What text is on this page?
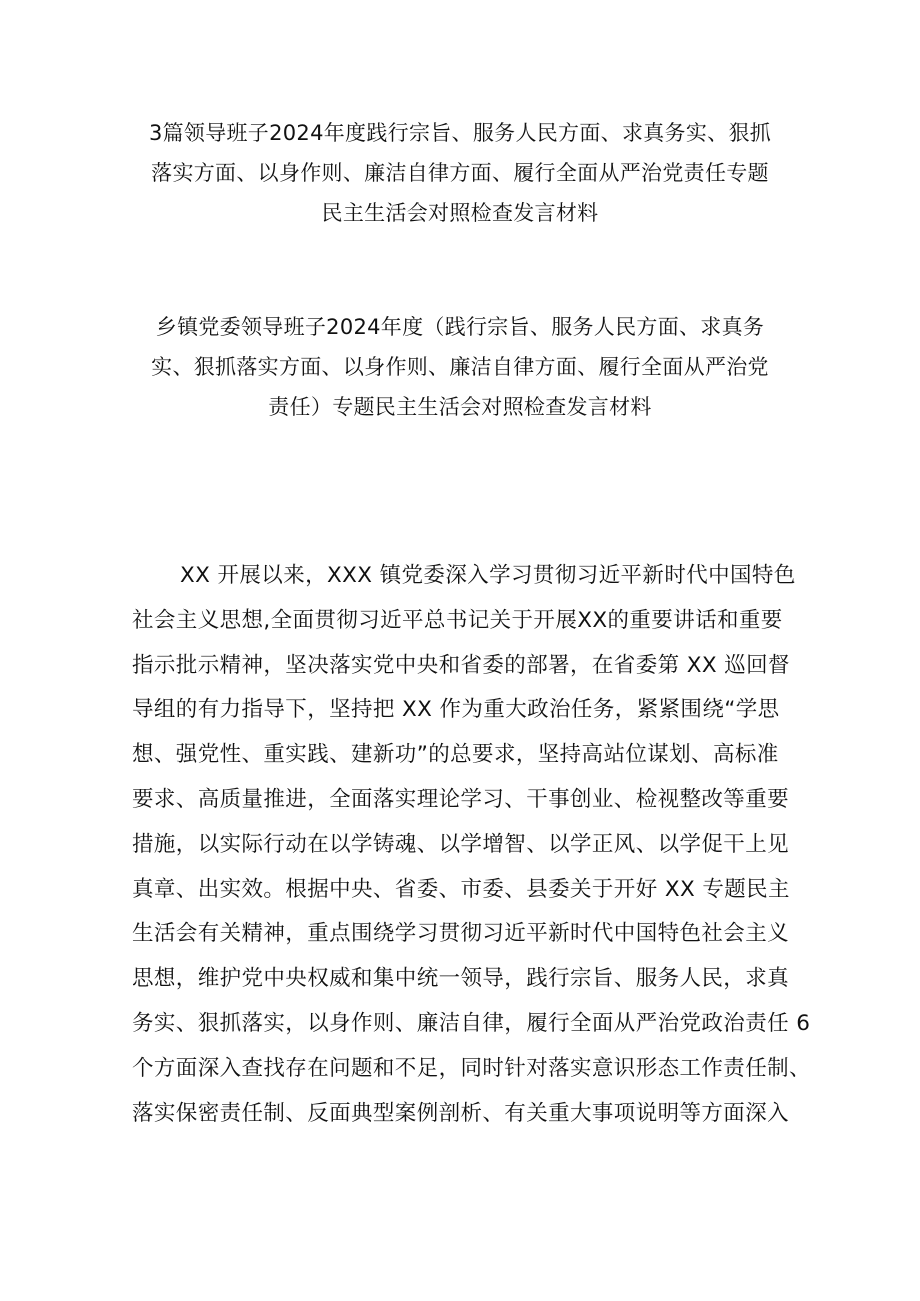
3篇领导班子2024年度践行宗旨、服务人民方面、求真务实、狠抓
落实方面、以身作则、廉洁自律方面、履行全面从严治党责任专题
民主生活会对照检查发言材料
乡镇党委领导班子2024年度（践行宗旨、服务人民方面、求真务
实、狠抓落实方面、以身作则、廉洁自律方面、履行全面从严治党
责任）专题民主生活会对照检查发言材料
XX 开展以来，XXX 镇党委深入学习贯彻习近平新时代中国特色
社会主义思想,全面贯彻习近平总书记关于开展XX的重要讲话和重要
指示批示精神，坚决落实党中央和省委的部署，在省委第 XX 巡回督
导组的有力指导下，坚持把 XX 作为重大政治任务，紧紧围绕“学思
想、强党性、重实践、建新功”的总要求，坚持高站位谋划、高标准
要求、高质量推进，全面落实理论学习、干事创业、检视整改等重要
措施，以实际行动在以学铸魂、以学增智、以学正风、以学促干上见
真章、出实效。根据中央、省委、市委、县委关于开好 XX 专题民主
生活会有关精神，重点围绕学习贯彻习近平新时代中国特色社会主义
思想，维护党中央权威和集中统一领导，践行宗旨、服务人民，求真
务实、狠抓落实，以身作则、廉洁自律，履行全面从严治党政治责任 6
个方面深入查找存在问题和不足，同时针对落实意识形态工作责任制、
落实保密责任制、反面典型案例剖析、有关重大事项说明等方面深入
